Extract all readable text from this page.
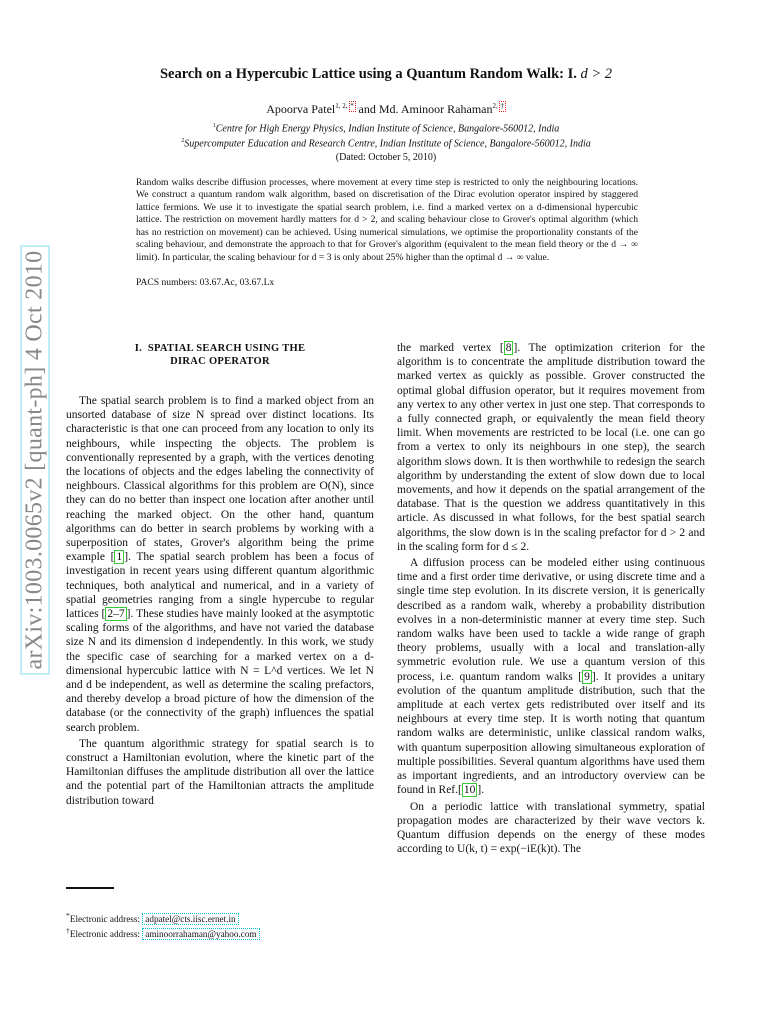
arXiv:1003.0065v2 [quant-ph] 4 Oct 2010
Search on a Hypercubic Lattice using a Quantum Random Walk: I. d > 2
Apoorva Patel$^{1, 2,}$ * and Md. Aminoor Rahaman$^{2,}$ †
$^1$Centre for High Energy Physics, Indian Institute of Science, Bangalore-560012, India
$^2$Supercomputer Education and Research Centre, Indian Institute of Science, Bangalore-560012, India
(Dated: October 5, 2010)
Random walks describe diffusion processes, where movement at every time step is restricted to only the neighbouring locations. We construct a quantum random walk algorithm, based on discretisation of the Dirac evolution operator inspired by staggered lattice fermions. We use it to investigate the spatial search problem, i.e. find a marked vertex on a d-dimensional hypercubic lattice. The restriction on movement hardly matters for d > 2, and scaling behaviour close to Grover's optimal algorithm (which has no restriction on movement) can be achieved. Using numerical simulations, we optimise the proportionality constants of the scaling behaviour, and demonstrate the approach to that for Grover's algorithm (equivalent to the mean field theory or the d → ∞ limit). In particular, the scaling behaviour for d = 3 is only about 25% higher than the optimal d → ∞ value.
PACS numbers: 03.67.Ac, 03.67.Lx
I. SPATIAL SEARCH USING THE
DIRAC OPERATOR

The spatial search problem is to find a marked object from an unsorted database of size N spread over distinct locations. Its characteristic is that one can proceed from any location to only its neighbours, while inspecting the objects. The problem is conventionally represented by a graph, with the vertices denoting the locations of objects and the edges labeling the connectivity of neighbours. Classical algorithms for this problem are O(N), since they can do no better than inspect one location after another until reaching the marked object. On the other hand, quantum algorithms can do better in search problems by working with a superposition of states, Grover's algorithm being the prime example [ 1 ]. The spatial search problem has been a focus of investigation in recent years using different quantum algorithmic techniques, both analytical and numerical, and in a variety of spatial geometries ranging from a single hypercube to regular lattices [ 2–7 ]. These studies have mainly looked at the asymptotic scaling forms of the algorithms, and have not varied the database size N and its dimension d independently. In this work, we study the specific case of searching for a marked vertex on a d-dimensional hypercubic lattice with N = L^d vertices. We let N and d be independent, as well as determine the scaling prefactors, and thereby develop a broad picture of how the dimension of the database (or the connectivity of the graph) influences the spatial search problem.

The quantum algorithmic strategy for spatial search is to construct a Hamiltonian evolution, where the kinetic part of the Hamiltonian diffuses the amplitude distribution all over the lattice and the potential part of the Hamiltonian attracts the amplitude distribution toward

the marked vertex [ 8 ]. The optimization criterion for the algorithm is to concentrate the amplitude distribution toward the marked vertex as quickly as possible. Grover constructed the optimal global diffusion operator, but it requires movement from any vertex to any other vertex in just one step. That corresponds to a fully connected graph, or equivalently the mean field theory limit. When movements are restricted to be local (i.e. one can go from a vertex to only its neighbours in one step), the search algorithm slows down. It is then worthwhile to redesign the search algorithm by understanding the extent of slow down due to local movements, and how it depends on the spatial arrangement of the database. That is the question we address quantitatively in this article. As discussed in what follows, for the best spatial search algorithms, the slow down is in the scaling prefactor for d > 2 and in the scaling form for d ≤ 2.

A diffusion process can be modeled either using continuous time and a first order time derivative, or using discrete time and a single time step evolution. In its discrete version, it is generically described as a random walk, whereby a probability distribution evolves in a non-deterministic manner at every time step. Such random walks have been used to tackle a wide range of graph theory problems, usually with a local and translation-ally symmetric evolution rule. We use a quantum version of this process, i.e. quantum random walks [ 9 ]. It provides a unitary evolution of the quantum amplitude distribution, such that the amplitude at each vertex gets redistributed over itself and its neighbours at every time step. It is worth noting that quantum random walks are deterministic, unlike classical random walks, with quantum superposition allowing simultaneous exploration of multiple possibilities. Several quantum algorithms have used them as important ingredients, and an introductory overview can be found in Ref.[ 10 ].

On a periodic lattice with translational symmetry, spatial propagation modes are characterized by their wave vectors k. Quantum diffusion depends on the energy of these modes according to U(k, t) = exp(−iE(k)t). The

*Electronic address: adpatel@cts.iisc.ernet.in
†Electronic address: aminoorrahaman@yahoo.com
